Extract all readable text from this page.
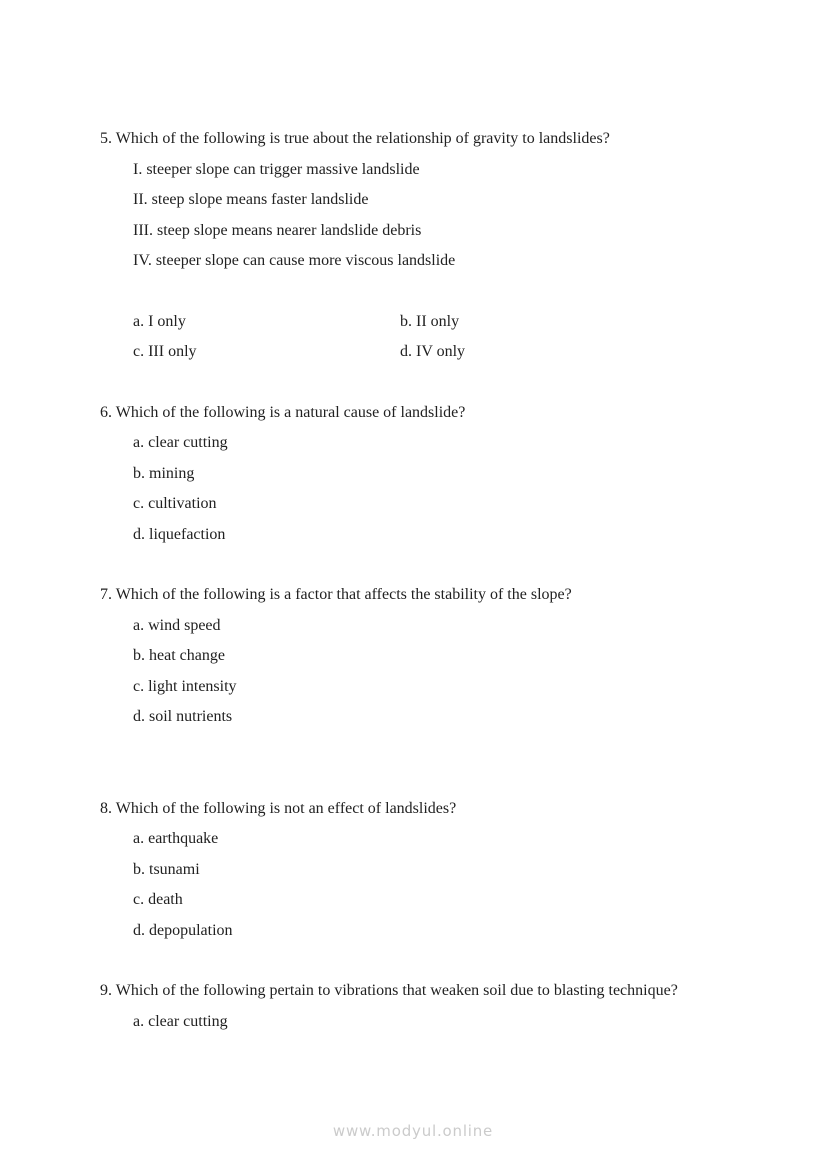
5. Which of the following is true about the relationship of gravity to landslides?

I. steeper slope can trigger massive landslide

II. steep slope means faster landslide

III. steep slope means nearer landslide debris

IV. steeper slope can cause more viscous landslide

a. I only	b. II only

c. III only	d. IV only

6. Which of the following is a natural cause of landslide?

a. clear cutting

b. mining

c. cultivation

d. liquefaction

7. Which of the following is a factor that affects the stability of the slope?

a. wind speed

b. heat change

c. light intensity

d. soil nutrients

8. Which of the following is not an effect of landslides?

a. earthquake

b. tsunami

c. death

d. depopulation

9. Which of the following pertain to vibrations that weaken soil due to blasting technique?

a. clear cutting

www.modyul.online
